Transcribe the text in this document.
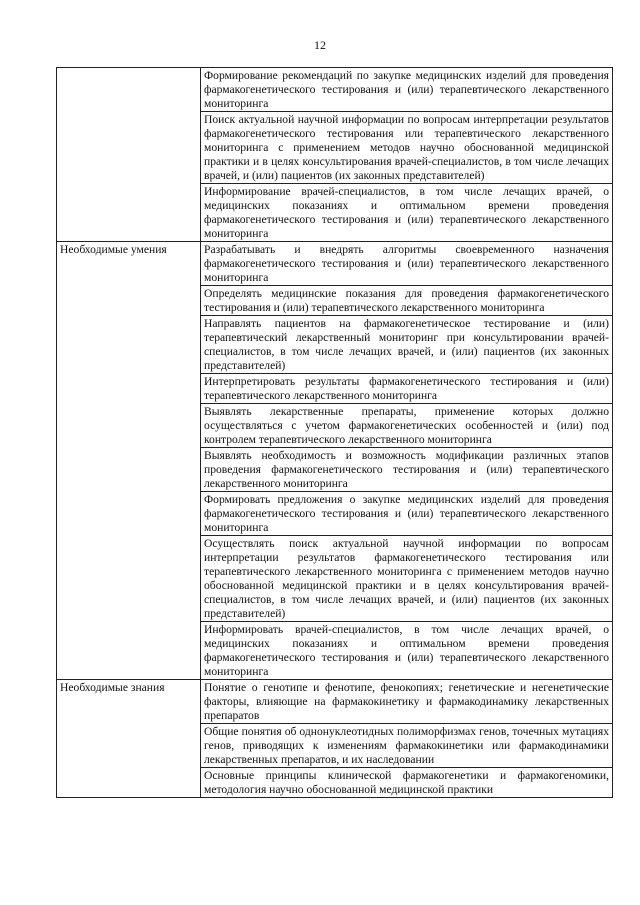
12
	Формирование рекомендаций по закупке медицинских изделий для проведения фармакогенетического тестирования и (или) терапевтического лекарственного мониторинга
	Поиск актуальной научной информации по вопросам интерпретации результатов фармакогенетического тестирования или терапевтического лекарственного мониторинга с применением методов научно обоснованной медицинской практики и в целях консультирования врачей-специалистов, в том числе лечащих врачей, и (или) пациентов (их законных представителей)
	Информирование врачей-специалистов, в том числе лечащих врачей, о медицинских показаниях и оптимальном времени проведения фармакогенетического тестирования и (или) терапевтического лекарственного мониторинга
Необходимые умения	Разрабатывать и внедрять алгоритмы своевременного назначения фармакогенетического тестирования и (или) терапевтического лекарственного мониторинга
	Определять медицинские показания для проведения фармакогенетического тестирования и (или) терапевтического лекарственного мониторинга
	Направлять пациентов на фармакогенетическое тестирование и (или) терапевтический лекарственный мониторинг при консультировании врачей-специалистов, в том числе лечащих врачей, и (или) пациентов (их законных представителей)
	Интерпретировать результаты фармакогенетического тестирования и (или) терапевтического лекарственного мониторинга
	Выявлять лекарственные препараты, применение которых должно осуществляться с учетом фармакогенетических особенностей и (или) под контролем терапевтического лекарственного мониторинга
	Выявлять необходимость и возможность модификации различных этапов проведения фармакогенетического тестирования и (или) терапевтического лекарственного мониторинга
	Формировать предложения о закупке медицинских изделий для проведения фармакогенетического тестирования и (или) терапевтического лекарственного мониторинга
	Осуществлять поиск актуальной научной информации по вопросам интерпретации результатов фармакогенетического тестирования или терапевтического лекарственного мониторинга с применением методов научно обоснованной медицинской практики и в целях консультирования врачей-специалистов, в том числе лечащих врачей, и (или) пациентов (их законных представителей)
	Информировать врачей-специалистов, в том числе лечащих врачей, о медицинских показаниях и оптимальном времени проведения фармакогенетического тестирования и (или) терапевтического лекарственного мониторинга
Необходимые знания	Понятие о генотипе и фенотипе, фенокопиях; генетические и негенетические факторы, влияющие на фармакокинетику и фармакодинамику лекарственных препаратов
	Общие понятия об однонуклеотидных полиморфизмах генов, точечных мутациях генов, приводящих к изменениям фармакокинетики или фармакодинамики лекарственных препаратов, и их наследовании
	Основные принципы клинической фармакогенетики и фармакогеномики, методология научно обоснованной медицинской практики
